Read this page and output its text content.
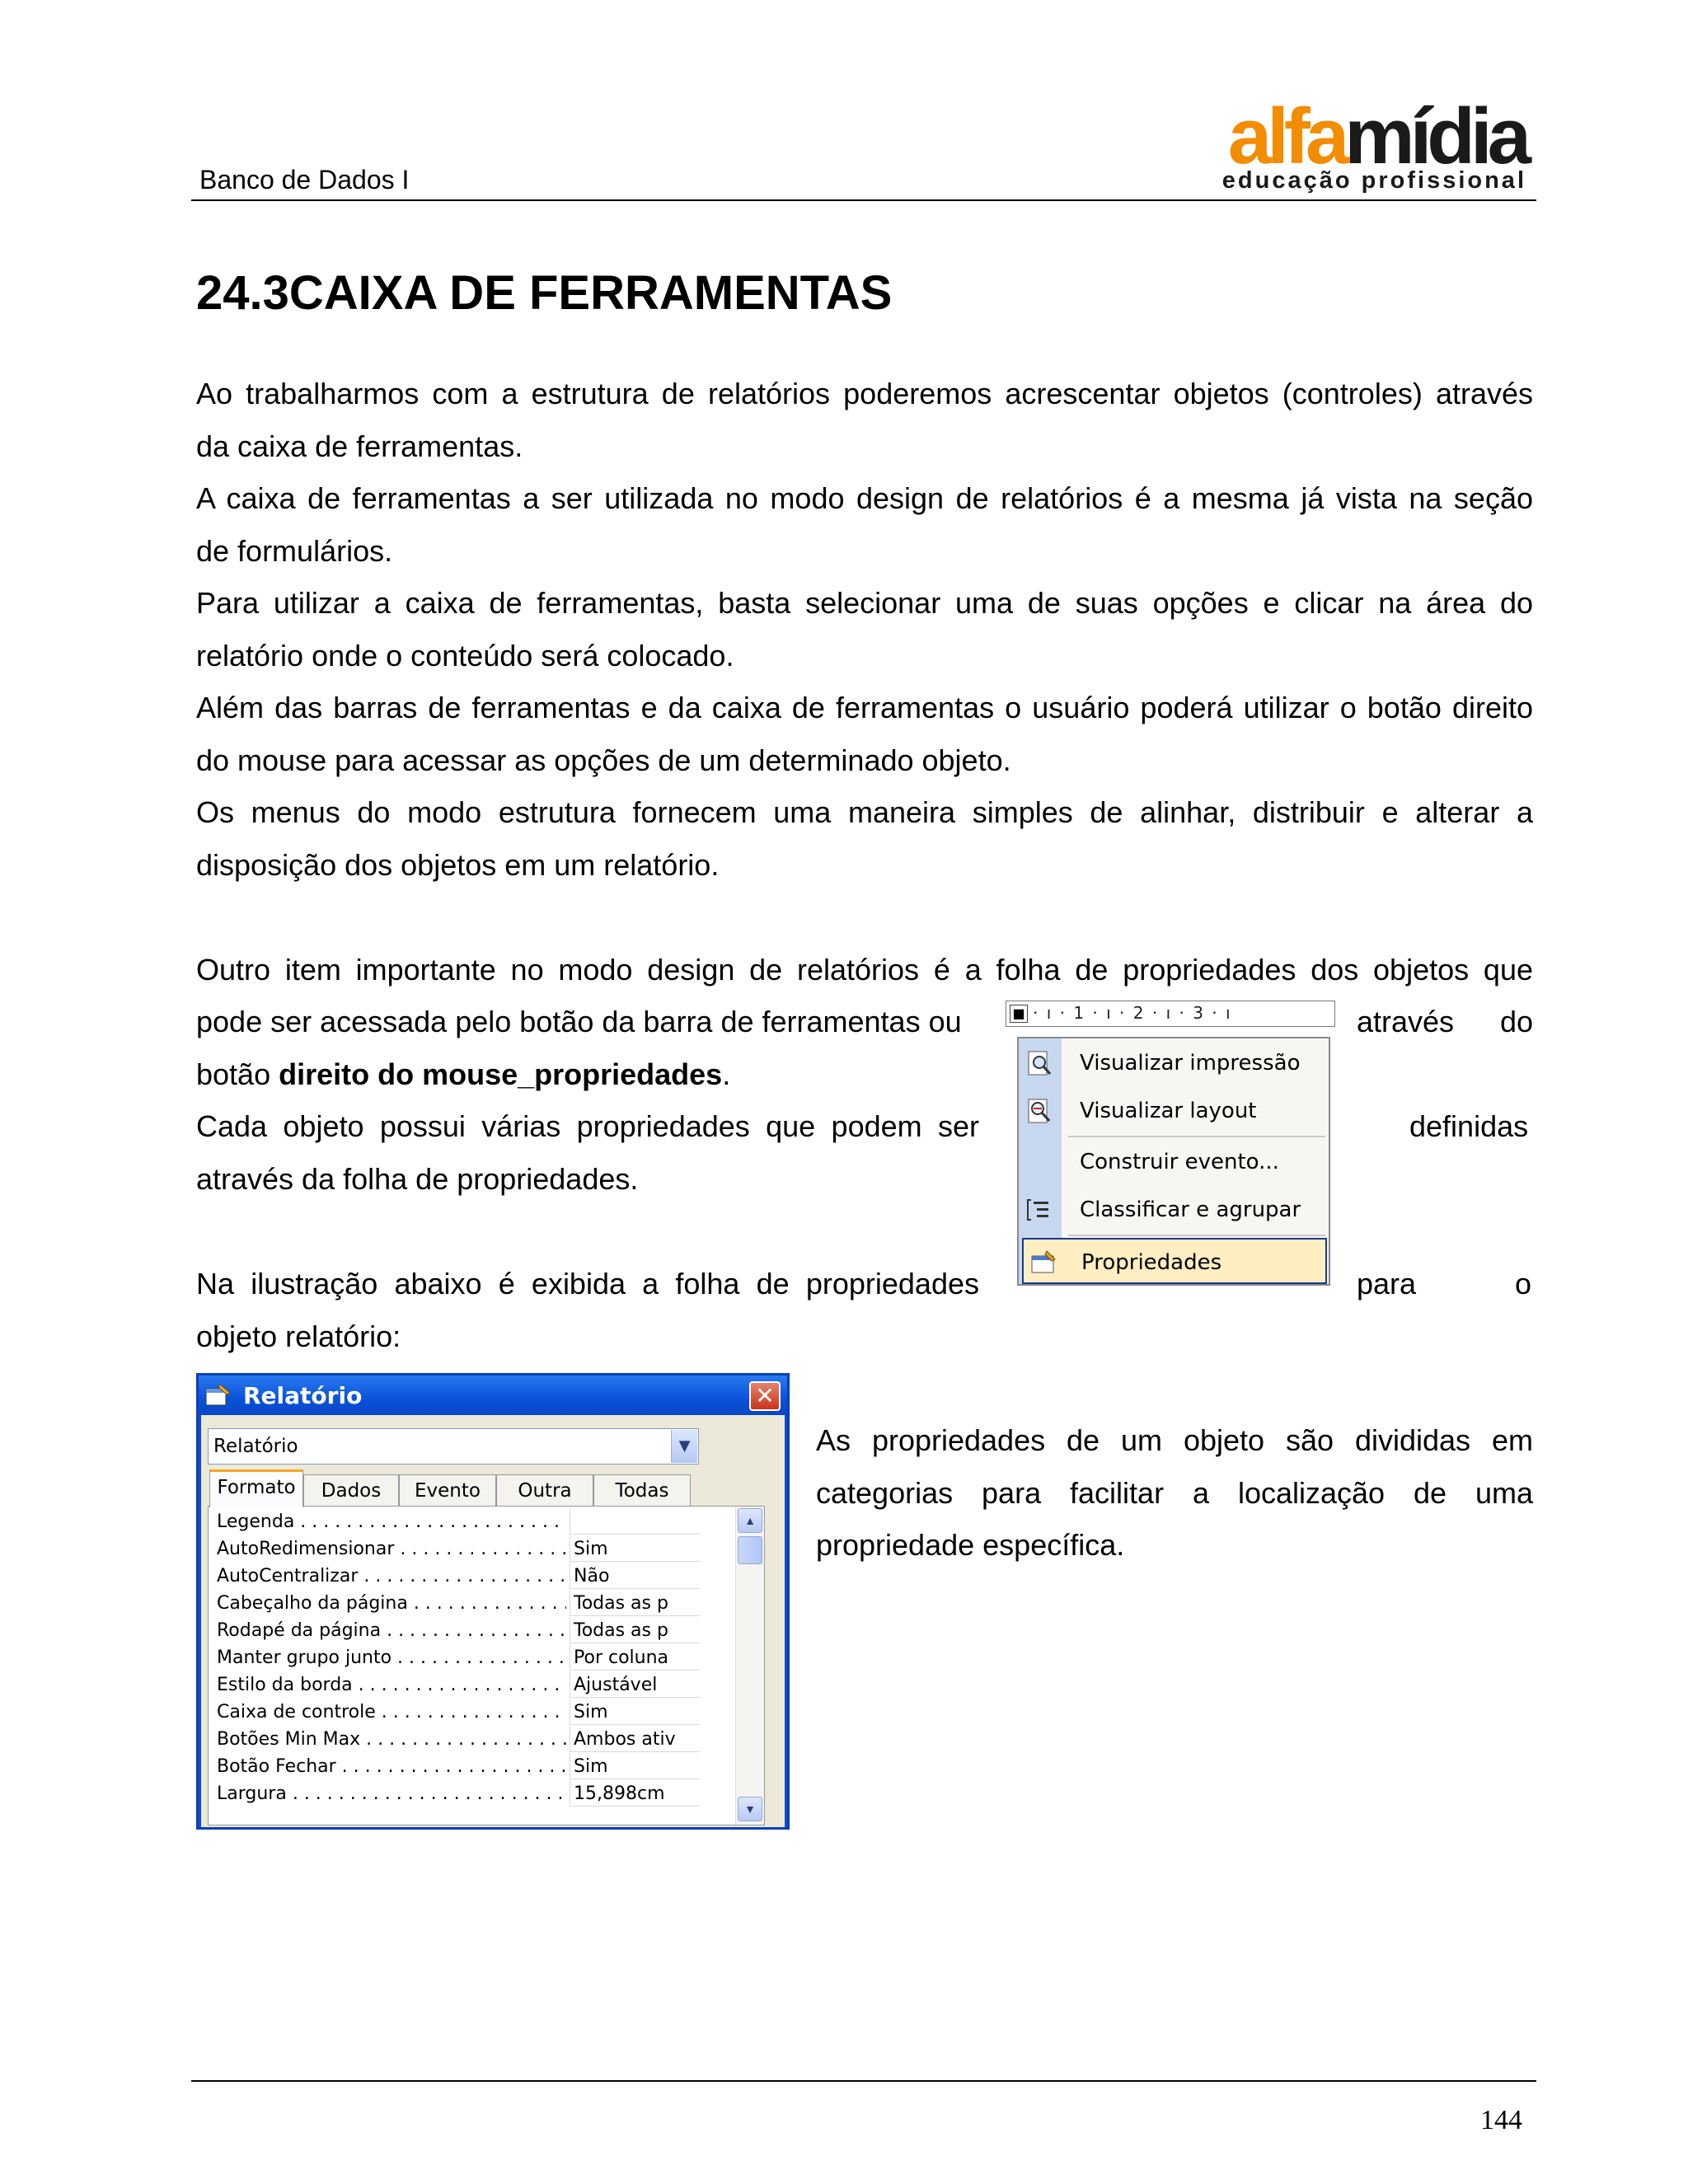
Banco de Dados I	alfamídia
educação profissional
24.3CAIXA DE FERRAMENTAS
Ao trabalharmos com a estrutura de relatórios poderemos acrescentar objetos (controles) através
da caixa de ferramentas.
A caixa de ferramentas a ser utilizada no modo design de relatórios é a mesma já vista na seção
de formulários.
Para utilizar a caixa de ferramentas, basta selecionar uma de suas opções e clicar na área do
relatório onde o conteúdo será colocado.
Além das barras de ferramentas e da caixa de ferramentas o usuário poderá utilizar o botão direito
do mouse para acessar as opções de um determinado objeto.
Os menus do modo estrutura fornecem uma maneira simples de alinhar, distribuir e alterar a
disposição dos objetos em um relatório.
Outro item importante no modo design de relatórios é a folha de propriedades dos objetos que
pode ser acessada pelo botão da barra de ferramentas ou	através do
botão direito do mouse_propriedades.
Cada objeto possui várias propriedades que podem ser	definidas
através da folha de propriedades.
Na ilustração abaixo é exibida a folha de propriedades	para	o
objeto relatório:
As propriedades de um objeto são divididas em
categorias para facilitar a localização de uma
propriedade específica.
■ · ı · 1 · ı · 2 · ı · 3 · ı
Visualizar impressão
Visualizar layout
Construir evento...
Classificar e agrupar
Propriedades
Relatório	✕
Relatório	▼
Formato	Dados	Evento	Outra	Todas
Legenda . . .
AutoRedimensionar . . .	Sim
AutoCentralizar . . .	Não
Cabeçalho da página . . .	Todas as p
Rodapé da página . . .	Todas as p
Manter grupo junto . . .	Por coluna
Estilo da borda . . .	Ajustável
Caixa de controle . . .	Sim
Botões Min Max . . .	Ambos ativ
Botão Fechar . . .	Sim
Largura . . .	15,898cm
▲
▼
144
